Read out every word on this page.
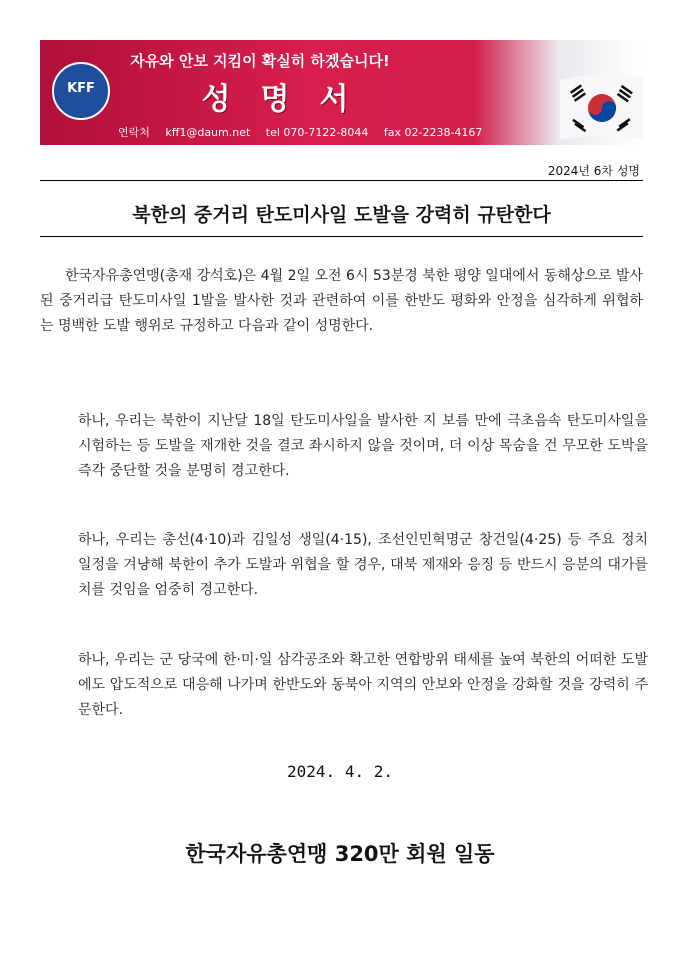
KFF
자유와 안보 지킴이 확실히 하겠습니다!
성명서
연락처 kff1@daum.net tel 070-7122-8044 fax 02-2238-4167
2024년 6차 성명
북한의 중거리 탄도미사일 도발을 강력히 규탄한다
한국자유총연맹(총재 강석호)은 4월 2일 오전 6시 53분경 북한 평양 일대에서 동해상으로 발사된 중거리급 탄도미사일 1발을 발사한 것과 관련하여 이를 한반도 평화와 안정을 심각하게 위협하는 명백한 도발 행위로 규정하고 다음과 같이 성명한다.
하나, 우리는 북한이 지난달 18일 탄도미사일을 발사한 지 보름 만에 극초음속 탄도미사일을 시험하는 등 도발을 재개한 것을 결코 좌시하지 않을 것이며, 더 이상 목숨을 건 무모한 도박을 즉각 중단할 것을 분명히 경고한다.
하나, 우리는 총선(4·10)과 김일성 생일(4·15), 조선인민혁명군 창건일(4·25) 등 주요 정치 일정을 겨냥해 북한이 추가 도발과 위협을 할 경우, 대북 제재와 응징 등 반드시 응분의 대가를 치를 것임을 엄중히 경고한다.
하나, 우리는 군 당국에 한·미·일 삼각공조와 확고한 연합방위 태세를 높여 북한의 어떠한 도발에도 압도적으로 대응해 나가며 한반도와 동북아 지역의 안보와 안정을 강화할 것을 강력히 주문한다.
2024. 4. 2.
한국자유총연맹 320만 회원 일동
